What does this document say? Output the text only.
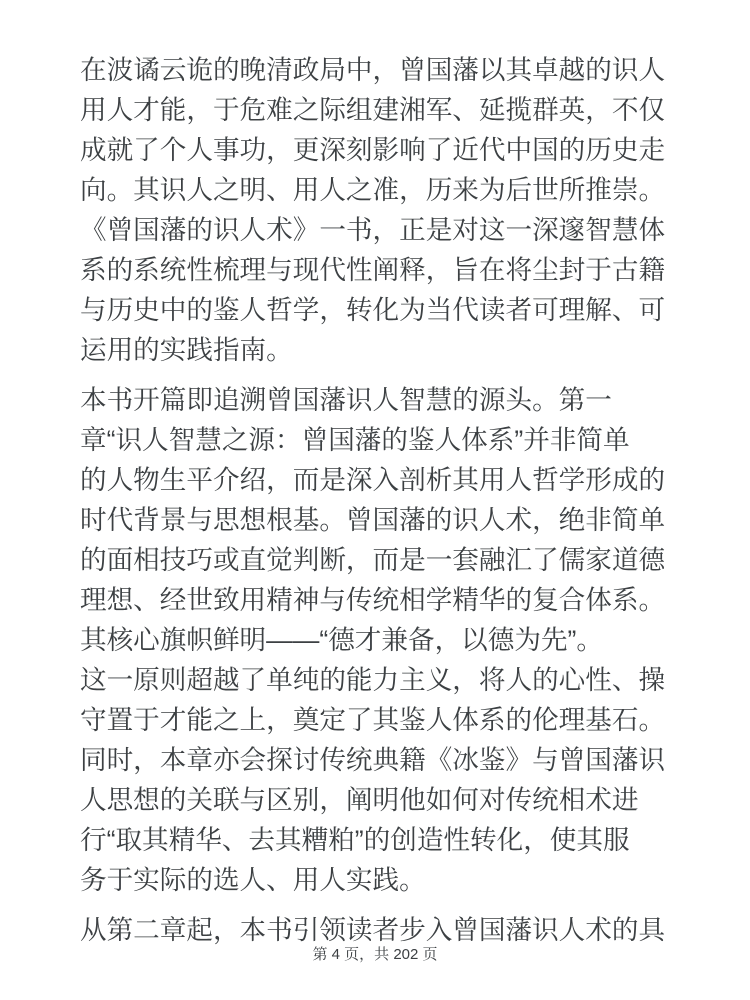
在波谲云诡的晚清政局中，曾国藩以其卓越的识人
用人才能，于危难之际组建湘军、延揽群英，不仅
成就了个人事功，更深刻影响了近代中国的历史走
向。其识人之明、用人之准，历来为后世所推崇。
《曾国藩的识人术》一书，正是对这一深邃智慧体
系的系统性梳理与现代性阐释，旨在将尘封于古籍
与历史中的鉴人哲学，转化为当代读者可理解、可
运用的实践指南。
本书开篇即追溯曾国藩识人智慧的源头。第一
章“识人智慧之源：曾国藩的鉴人体系”并非简单
的人物生平介绍，而是深入剖析其用人哲学形成的
时代背景与思想根基。曾国藩的识人术，绝非简单
的面相技巧或直觉判断，而是一套融汇了儒家道德
理想、经世致用精神与传统相学精华的复合体系。
其核心旗帜鲜明——“德才兼备，以德为先”。
这一原则超越了单纯的能力主义，将人的心性、操
守置于才能之上，奠定了其鉴人体系的伦理基石。
同时，本章亦会探讨传统典籍《冰鉴》与曾国藩识
人思想的关联与区别，阐明他如何对传统相术进
行“取其精华、去其糟粕”的创造性转化，使其服
务于实际的选人、用人实践。
从第二章起，本书引领读者步入曾国藩识人术的具
第 4 页，共 202 页
